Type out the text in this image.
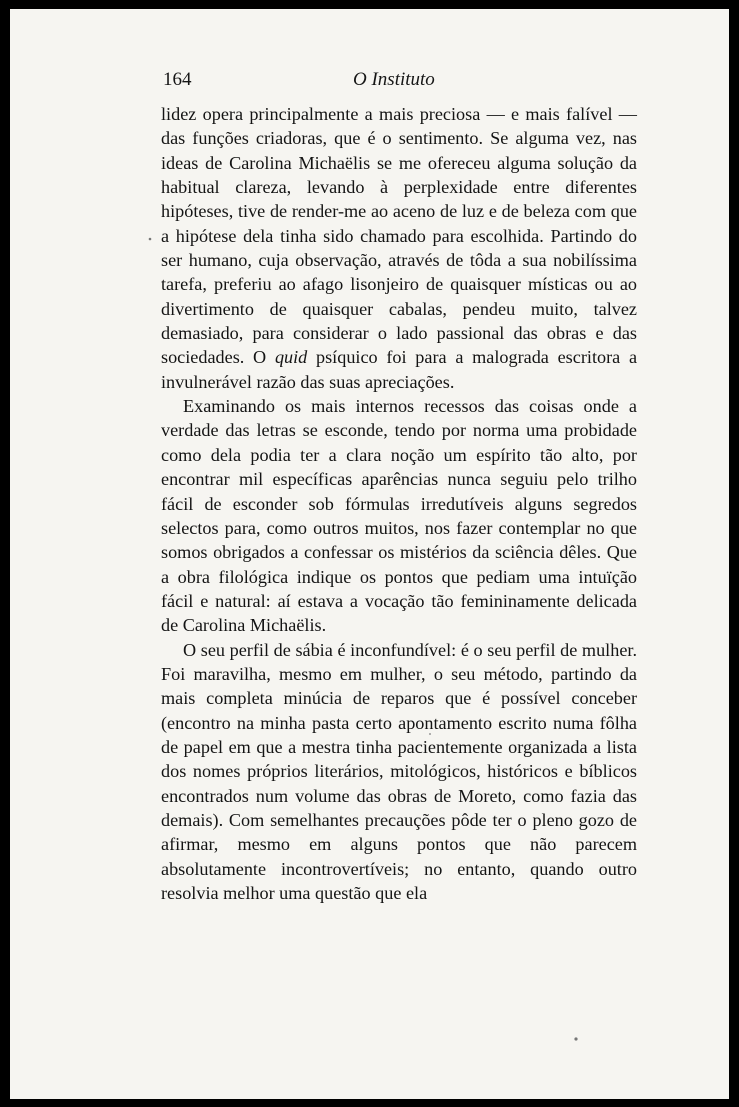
164	O Instituto

lidez opera principalmente a mais preciosa — e mais falível — das funções criadoras, que é o sentimento. Se alguma vez, nas ideas de Carolina Michaëlis se me ofereceu alguma solução da habitual clareza, levando à perplexidade entre diferentes hipóteses, tive de render-me ao aceno de luz e de beleza com que a hipótese dela tinha sido chamado para escolhida. Partindo do ser humano, cuja observação, através de tôda a sua nobilíssima tarefa, preferiu ao afago lisonjeiro de quaisquer místicas ou ao divertimento de quaisquer cabalas, pendeu muito, talvez demasiado, para considerar o lado passional das obras e das sociedades. O quid psíquico foi para a malograda escritora a invulnerável razão das suas apreciações.

Examinando os mais internos recessos das coisas onde a verdade das letras se esconde, tendo por norma uma probidade como dela podia ter a clara noção um espírito tão alto, por encontrar mil específicas aparências nunca seguiu pelo trilho fácil de esconder sob fórmulas irredutíveis alguns segredos selectos para, como outros muitos, nos fazer contemplar no que somos obrigados a confessar os mistérios da sciência dêles. Que a obra filológica indique os pontos que pediam uma intuïção fácil e natural: aí estava a vocação tão femininamente delicada de Carolina Michaëlis.

O seu perfil de sábia é inconfundível: é o seu perfil de mulher. Foi maravilha, mesmo em mulher, o seu método, partindo da mais completa minúcia de reparos que é possível conceber (encontro na minha pasta certo apontamento escrito numa fôlha de papel em que a mestra tinha pacientemente organizada a lista dos nomes próprios literários, mitológicos, históricos e bíblicos encontrados num volume das obras de Moreto, como fazia das demais). Com semelhantes precauções pôde ter o pleno gozo de afirmar, mesmo em alguns pontos que não parecem absolutamente incontrovertíveis; no entanto, quando outro resolvia melhor uma questão que ela
